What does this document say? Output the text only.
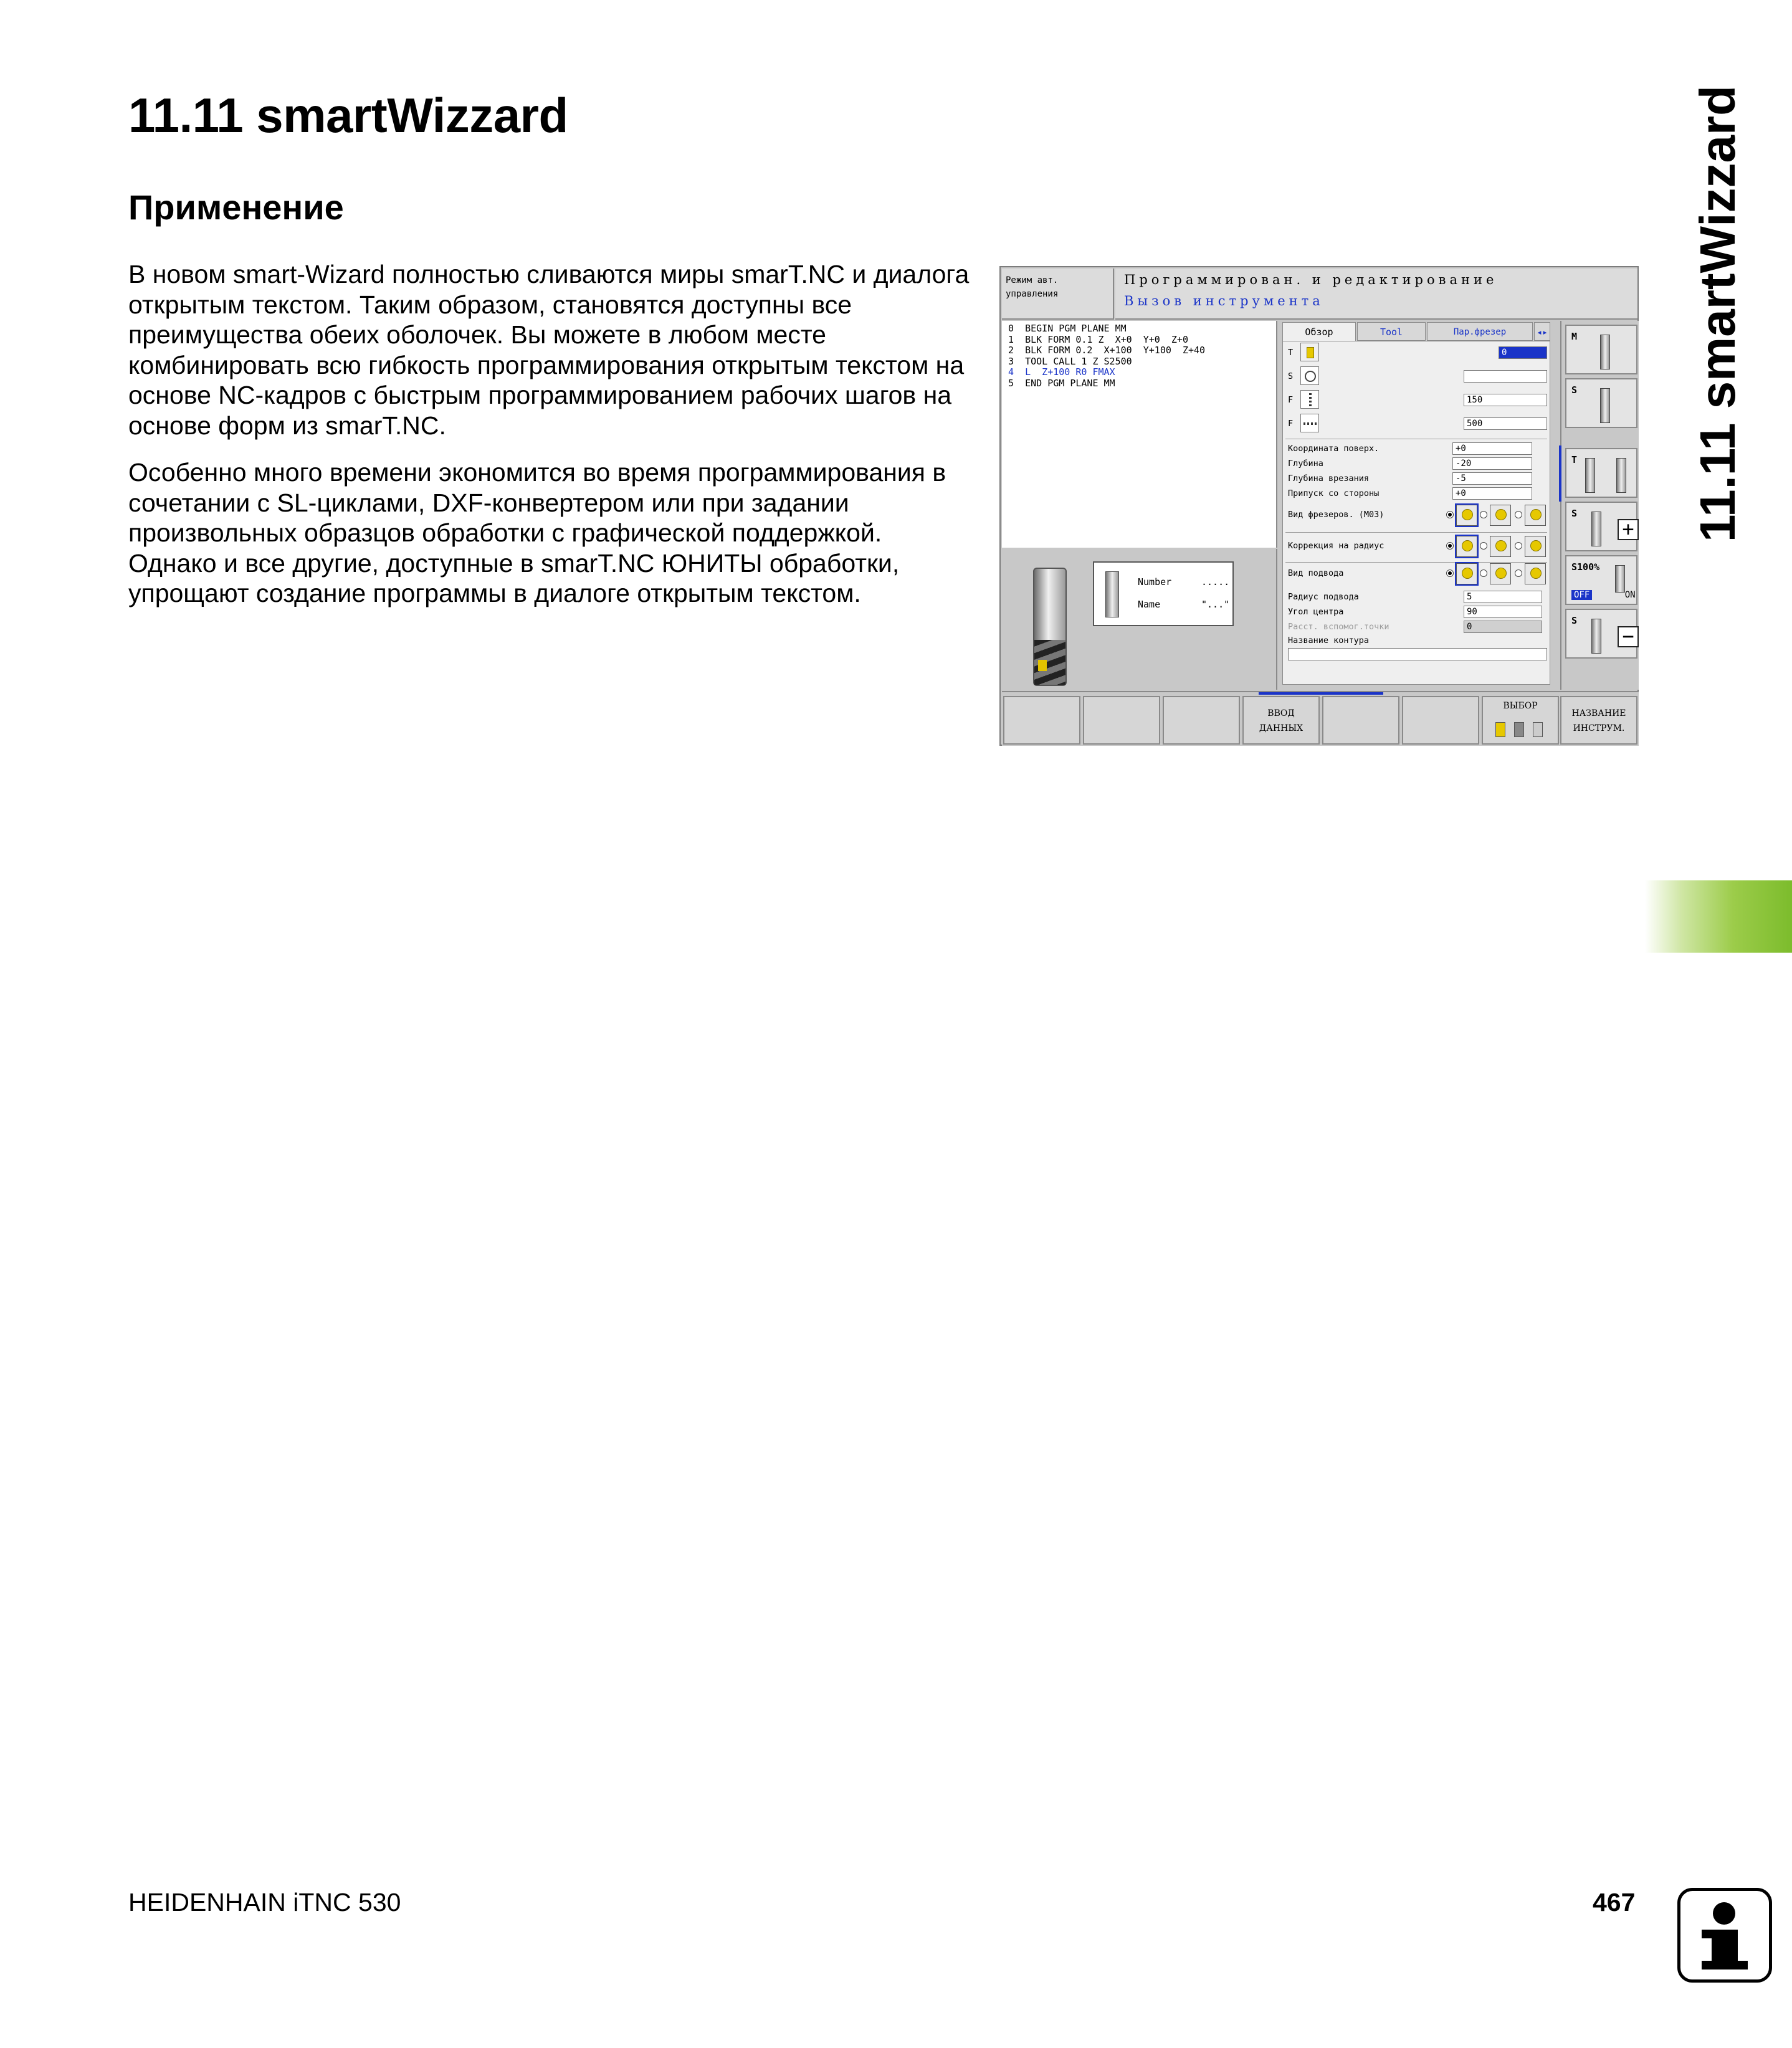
11.11 smartWizzard
Применение

В новом smart-Wizard полностью сливаются миры smarT.NC и диалога открытым текстом. Таким образом, становятся доступны все преимущества обеих оболочек. Вы можете в любом месте комбинировать всю гибкость программирования открытым текстом на основе NC-кадров с быстрым программированием рабочих шагов на основе форм из smarT.NC.

Особенно много времени экономится во время программирования в сочетании с SL-циклами, DXF-конвертером или при задании произвольных образцов обработки с графической поддержкой. Однако и все другие, доступные в smarT.NC ЮНИТЫ обработки, упрощают создание программы в диалоге открытым текстом.

11.11 smartWizzard
HEIDENHAIN iTNC 530	467
Режим авт.
управления
Программирован. и редактирование
Вызов инструмента
0  BEGIN PGM PLANE MM
1  BLK FORM 0.1 Z  X+0  Y+0  Z+0
2  BLK FORM 0.2  X+100  Y+100  Z+40
3  TOOL CALL 1 Z S2500
4  L  Z+100 R0 FMAX
5  END PGM PLANE MM
Number	.....
Name	"..."
Обзор	Tool	Пар.фрезер	◂▸
T	0
S
F	150
F	500
Координата поверх.	+0
Глубина	-20
Глубина врезания	-5
Припуск со стороны	+0
Вид фрезеров. (M03)
Коррекция на радиус
Вид подвода
Радиус подвода	5
Угол центра	90
Расст. вспомог.точки	0
Название контура
M
S
T
S
+
S100%
OFF	ON
S
−
ВВОД
ДАННЫХ
ВЫБОР
НАЗВАНИЕ
ИНСТРУМ.
